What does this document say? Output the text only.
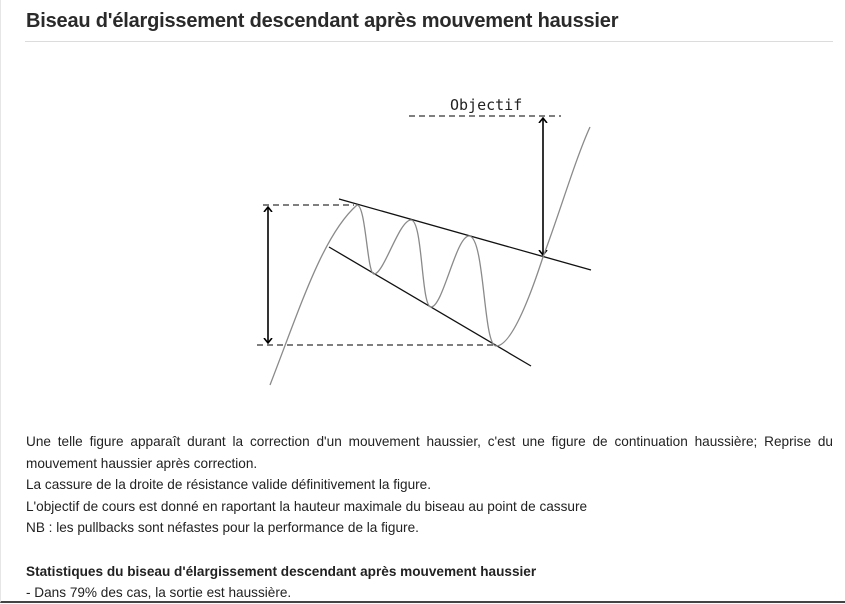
Biseau d'élargissement descendant après mouvement haussier
Objectif

Une telle figure apparaît durant la correction d'un mouvement haussier, c'est une figure de continuation haussière; Reprise du mouvement haussier après correction.

La cassure de la droite de résistance valide définitivement la figure.

L'objectif de cours est donné en raportant la hauteur maximale du biseau au point de cassure

NB : les pullbacks sont néfastes pour la performance de la figure.

Statistiques du biseau d'élargissement descendant après mouvement haussier

- Dans 79% des cas, la sortie est haussière.
